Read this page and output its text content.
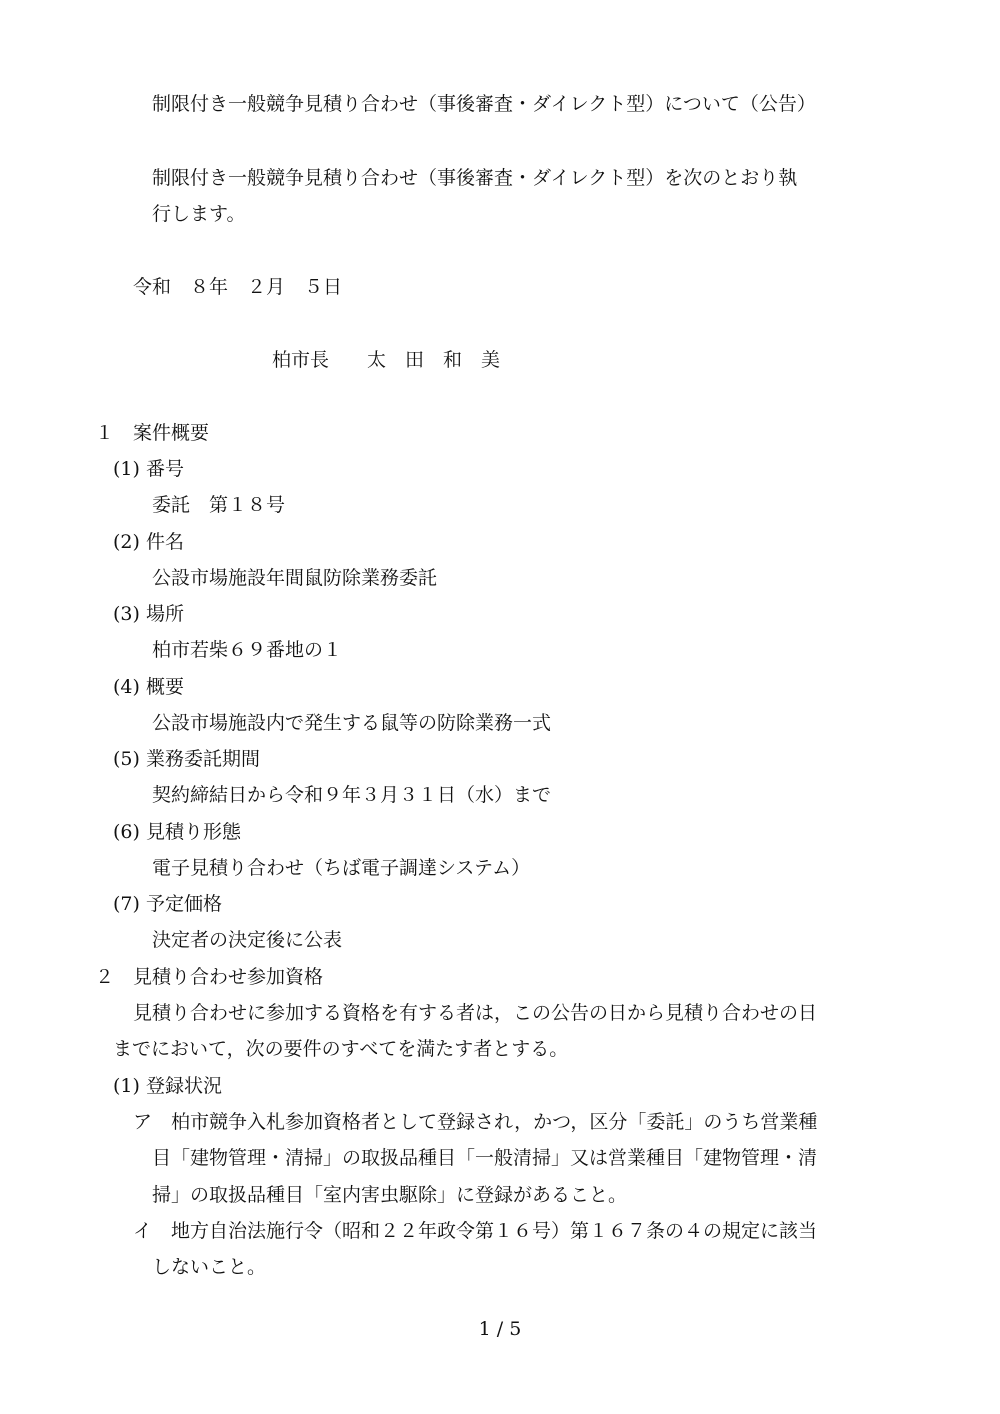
制限付き一般競争見積り合わせ（事後審査・ダイレクト型）について（公告）
制限付き一般競争見積り合わせ（事後審査・ダイレクト型）を次のとおり執
行します。
令和　８年　２月　５日
柏市長　　太　田　和　美
１　案件概要
(1) 番号
委託　第１８号
(2) 件名
公設市場施設年間鼠防除業務委託
(3) 場所
柏市若柴６９番地の１
(4) 概要
公設市場施設内で発生する鼠等の防除業務一式
(5) 業務委託期間
契約締結日から令和９年３月３１日（水）まで
(6) 見積り形態
電子見積り合わせ（ちば電子調達システム）
(7) 予定価格
決定者の決定後に公表
２　見積り合わせ参加資格
見積り合わせに参加する資格を有する者は，この公告の日から見積り合わせの日
までにおいて，次の要件のすべてを満たす者とする。
(1) 登録状況
ア　柏市競争入札参加資格者として登録され，かつ，区分「委託」のうち営業種
目「建物管理・清掃」の取扱品種目「一般清掃」又は営業種目「建物管理・清
掃」の取扱品種目「室内害虫駆除」に登録があること。
イ　地方自治法施行令（昭和２２年政令第１６号）第１６７条の４の規定に該当
しないこと。
1 / 5
